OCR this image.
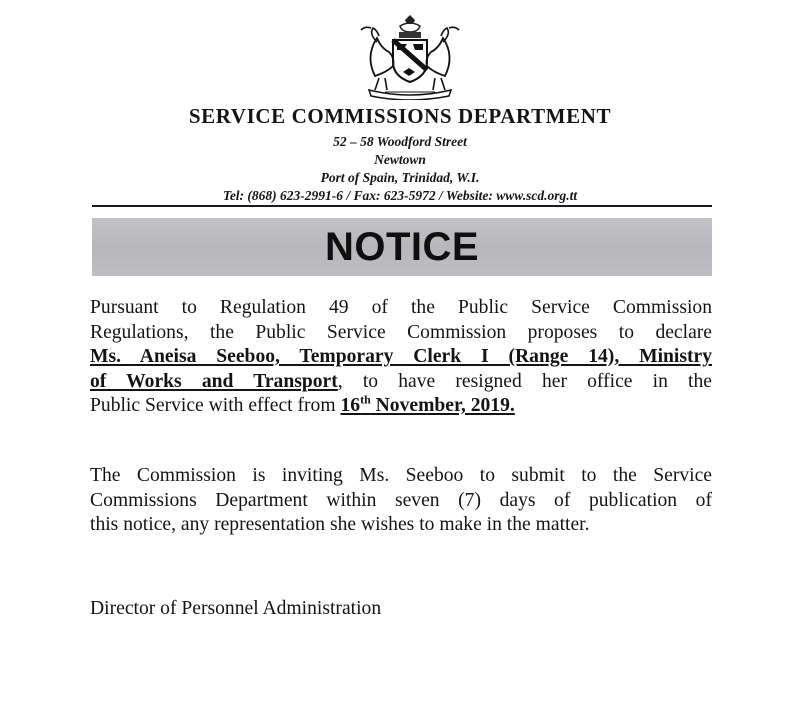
SERVICE COMMISSIONS DEPARTMENT
52 – 58 Woodford Street
Newtown
Port of Spain, Trinidad, W.I.
Tel: (868) 623-2991-6 / Fax: 623-5972 / Website: www.scd.org.tt
NOTICE
Pursuant to Regulation 49 of the Public Service Commission
Regulations, the Public Service Commission proposes to declare
Ms. Aneisa Seeboo, Temporary Clerk I (Range 14), Ministry
of Works and Transport, to have resigned her office in the
Public Service with effect from 16th November, 2019.
The Commission is inviting Ms. Seeboo to submit to the Service
Commissions Department within seven (7) days of publication of
this notice, any representation she wishes to make in the matter.
Director of Personnel Administration
